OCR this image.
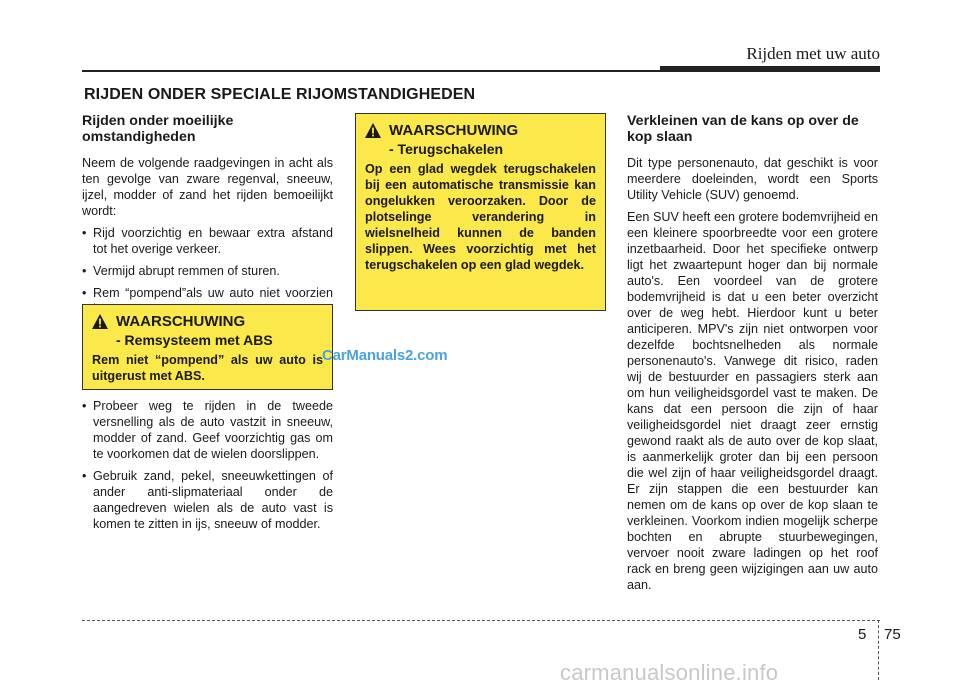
Rijden met uw auto
RIJDEN ONDER SPECIALE RIJOMSTANDIGHEDEN
Rijden onder moeilijke omstandigheden

Neem de volgende raadgevingen in acht als ten gevolge van zware regenval, sneeuw, ijzel, modder of zand het rijden bemoeilijkt wordt:

• Rijd voorzichtig en bewaar extra afstand tot het overige verkeer.
• Vermijd abrupt remmen of sturen.
• Rem “pompend”als uw auto niet voorzien
WAARSCHUWING
- Remsysteem met ABS

Rem niet “pompend” als uw auto is uitgerust met ABS.

CarManuals2.com
• Probeer weg te rijden in de tweede versnelling als de auto vastzit in sneeuw, modder of zand. Geef voorzichtig gas om te voorkomen dat de wielen doorslippen.
• Gebruik zand, pekel, sneeuwkettingen of ander anti-slipmateriaal onder de aangedreven wielen als de auto vast is komen te zitten in ijs, sneeuw of modder.
WAARSCHUWING
- Terugschakelen

Op een glad wegdek terugschakelen bij een automatische transmissie kan ongelukken veroorzaken. Door de plotselinge verandering in wielsnelheid kunnen de banden slippen. Wees voorzichtig met het terugschakelen op een glad wegdek.

Verkleinen van de kans op over de kop slaan

Dit type personenauto, dat geschikt is voor meerdere doeleinden, wordt een Sports Utility Vehicle (SUV) genoemd.

Een SUV heeft een grotere bodemvrijheid en een kleinere spoorbreedte voor een grotere inzetbaarheid. Door het specifieke ontwerp ligt het zwaartepunt hoger dan bij normale auto's. Een voordeel van de grotere bodemvrijheid is dat u een beter overzicht over de weg hebt. Hierdoor kunt u beter anticiperen. MPV's zijn niet ontworpen voor dezelfde bochtsnelheden als normale personenauto's. Vanwege dit risico, raden wij de bestuurder en passagiers sterk aan om hun veiligheidsgordel vast te maken. De kans dat een persoon die zijn of haar veiligheidsgordel niet draagt zeer ernstig gewond raakt als de auto over de kop slaat, is aanmerkelijk groter dan bij een persoon die wel zijn of haar veiligheidsgordel draagt. Er zijn stappen die een bestuurder kan nemen om de kans op over de kop slaan te verkleinen. Voorkom indien mogelijk scherpe bochten en abrupte stuurbewegingen, vervoer nooit zware ladingen op het roof rack en breng geen wijzigingen aan uw auto aan.

5 75
carmanualsonline.info
